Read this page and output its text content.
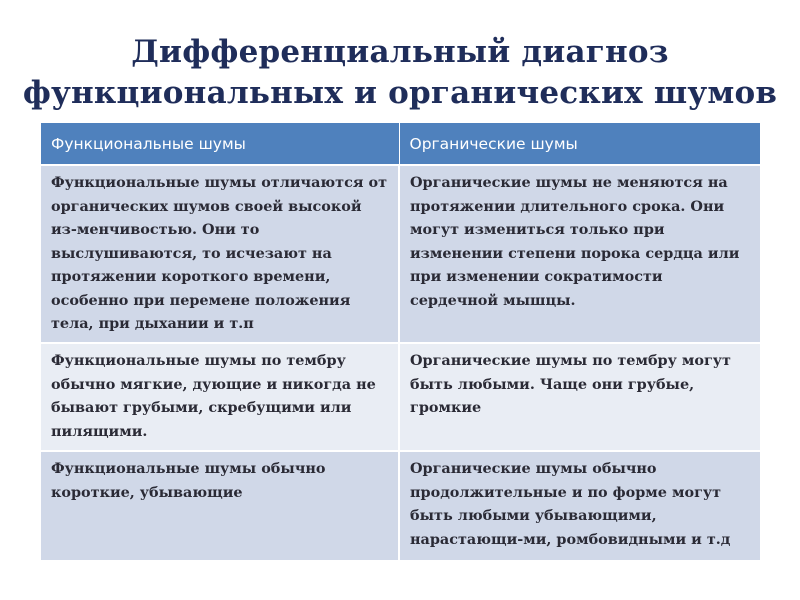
Дифференциальный диагноз
функциональных и органических шумов
Функциональные шумы	Органические шумы
Функциональные шумы отличаются от органических шумов своей высокой из-менчивостью. Они то выслушиваются, то исчезают на протяжении короткого времени, особенно при перемене положения тела, при дыхании и т.п	Органические шумы не меняются на протяжении длительного срока. Они могут измениться только при изменении степени порока сердца или при изменении сократимости сердечной мышцы.
Функциональные шумы по тембру обычно мягкие, дующие и никогда не бывают грубыми, скребущими или пилящими.	Органические шумы по тембру могут быть любыми. Чаще они грубые, громкие
Функциональные шумы обычно короткие, убывающие	Органические шумы обычно продолжительные и по форме могут быть любыми убывающими, нарастающи-ми, ромбовидными и т.д
